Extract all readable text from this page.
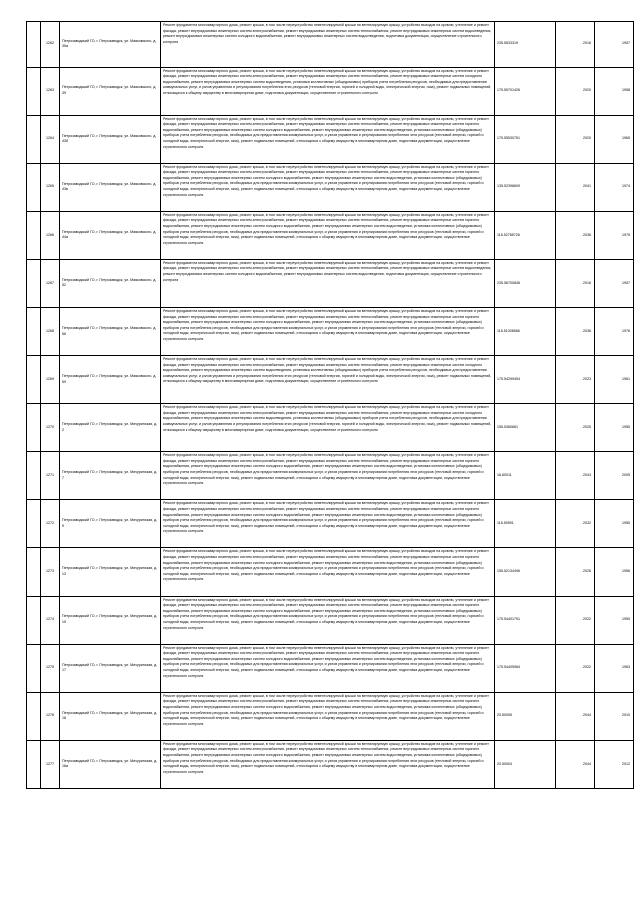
	1262	Петрозаводский ГО, г. Петрозаводск, ул. Маяковского, д. 35а	Ремонт фундамента многоквартирного дома, ремонт крыши, в том числе переустройство невентилируемой крыши на вентилируемую крышу, устройство выходов на кровлю, утепление и ремонт фасада, ремонт внутридомовых инженерных систем электроснабжения, ремонт внутридомовых инженерных систем теплоснабжения, ремонт внутридомовых инженерных систем водоотведения, ремонт внутридомовых инженерных систем холодного водоснабжения, ремонт внутридомовых инженерных систем водоотведения, подготовка документации, осуществление строительного контроля	235.5633319	2016	1957
	1263	Петрозаводский ГО, г. Петрозаводск, ул. Маяковского, д. 39	Ремонт фундамента многоквартирного дома, ремонт крыши, в том числе переустройство невентилируемой крыши на вентилируемую крышу, устройство выходов на кровлю, утепление и ремонт фасада, ремонт внутридомовых инженерных систем электроснабжения, ремонт внутридомовых инженерных систем теплоснабжения, ремонт внутридомовых инженерных систем холодного водоснабжения, ремонт внутридомовых инженерных систем водоотведения, установка коллективных (общедомовых) приборов учета потребления ресурсов, необходимых для предоставления коммунальных услуг, и узлов управления и регулирования потребления этих ресурсов (тепловой энергии, горячей и холодной воды, электрической энергии, газа), ремонт подвальных помещений, относящихся к общему имуществу в многоквартирном доме, подготовка документации, осуществление строительного контроля	175.55701426	2020	1958
	1264	Петрозаводский ГО, г. Петрозаводск, ул. Маяковского, д. 43б	Ремонт фундамента многоквартирного дома, ремонт крыши, в том числе переустройство невентилируемой крыши на вентилируемую крышу, устройство выходов на кровлю, утепление и ремонт фасада, ремонт внутридомовых инженерных систем электроснабжения, ремонт внутридомовых инженерных систем теплоснабжения, ремонт внутридомовых инженерных систем горячего водоснабжения, ремонт внутридомовых инженерных систем холодного водоснабжения, ремонт внутридомовых инженерных систем водоотведения, установка коллективных (общедомовых) приборов учета потребления ресурсов, необходимых для предоставления коммунальных услуг, и узлов управления и регулирования потребления этих ресурсов (тепловой энергии, горячей и холодной воды, электрической энергии, газа), ремонт подвальных помещений, относящихся к общему имуществу в многоквартирном доме, подготовка документации, осуществление строительного контроля	175.55530751	2020	1965
	1265	Петрозаводский ГО, г. Петрозаводск, ул. Маяковского, д. 43в	Ремонт фундамента многоквартирного дома, ремонт крыши, в том числе переустройство невентилируемой крыши на вентилируемую крышу, устройство выходов на кровлю, утепление и ремонт фасада, ремонт внутридомовых инженерных систем электроснабжения, ремонт внутридомовых инженерных систем теплоснабжения, ремонт внутридомовых инженерных систем горячего водоснабжения, ремонт внутридомовых инженерных систем холодного водоснабжения, ремонт внутридомовых инженерных систем водоотведения, установка коллективных (общедомовых) приборов учета потребления ресурсов, необходимых для предоставления коммунальных услуг, и узлов управления и регулирования потребления этих ресурсов (тепловой энергии, горячей и холодной воды, электрической энергии, газа), ремонт подвальных помещений, относящихся к общему имуществу в многоквартирном доме, подготовка документации, осуществление строительного контроля	135.52396609	2041	1974
	1266	Петрозаводский ГО, г. Петрозаводск, ул. Маяковского, д. 44а	Ремонт фундамента многоквартирного дома, ремонт крыши, в том числе переустройство невентилируемой крыши на вентилируемую крышу, устройство выходов на кровлю, утепление и ремонт фасада, ремонт внутридомовых инженерных систем электроснабжения, ремонт внутридомовых инженерных систем теплоснабжения, ремонт внутридомовых инженерных систем горячего водоснабжения, ремонт внутридомовых инженерных систем холодного водоснабжения, ремонт внутридомовых инженерных систем водоотведения, установка коллективных (общедомовых) приборов учета потребления ресурсов, необходимых для предоставления коммунальных услуг, и узлов управления и регулирования потребления этих ресурсов (тепловой энергии, горячей и холодной воды, электрической энергии, газа), ремонт подвальных помещений, относящихся к общему имуществу в многоквартирном доме, подготовка документации, осуществление строительного контроля	115.52785726	2036	1975
	1267	Петрозаводский ГО, г. Петрозаводск, ул. Маяковского, д. 52	Ремонт фундамента многоквартирного дома, ремонт крыши, в том числе переустройство невентилируемой крыши на вентилируемую крышу, устройство выходов на кровлю, утепление и ремонт фасада, ремонт внутридомовых инженерных систем электроснабжения, ремонт внутридомовых инженерных систем теплоснабжения, ремонт внутридомовых инженерных систем водоотведения, ремонт внутридомовых инженерных систем холодного водоснабжения, ремонт внутридомовых инженерных систем водоотведения, подготовка документации, осуществление строительного контроля	235.56700846	2016	1957
	1268	Петрозаводский ГО, г. Петрозаводск, ул. Маяковского, д. 56	Ремонт фундамента многоквартирного дома, ремонт крыши, в том числе переустройство невентилируемой крыши на вентилируемую крышу, устройство выходов на кровлю, утепление и ремонт фасада, ремонт внутридомовых инженерных систем электроснабжения, ремонт внутридомовых инженерных систем теплоснабжения, ремонт внутридомовых инженерных систем горячего водоснабжения, ремонт внутридомовых инженерных систем холодного водоснабжения, ремонт внутридомовых инженерных систем водоотведения, установка коллективных (общедомовых) приборов учета потребления ресурсов, необходимых для предоставления коммунальных услуг, и узлов управления и регулирования потребления этих ресурсов (тепловой энергии, горячей и холодной воды, электрической энергии, газа), ремонт подвальных помещений, относящихся к общему имуществу в многоквартирном доме, подготовка документации, осуществление строительного контроля	115.51008566	2036	1976
	1269	Петрозаводский ГО, г. Петрозаводск, ул. Маяковского, д. 59	Ремонт фундамента многоквартирного дома, ремонт крыши, в том числе переустройство невентилируемой крыши на вентилируемую крышу, устройство выходов на кровлю, утепление и ремонт фасада, ремонт внутридомовых инженерных систем электроснабжения, ремонт внутридомовых инженерных систем теплоснабжения, ремонт внутридомовых инженерных систем холодного водоснабжения, ремонт внутридомовых инженерных систем водоотведения, установка коллективных (общедомовых) приборов учета потребления ресурсов, необходимых для предоставления коммунальных услуг, и узлов управления и регулирования потребления этих ресурсов (тепловой энергии, горячей и холодной воды, электрической энергии, газа), ремонт подвальных помещений, относящихся к общему имуществу в многоквартирном доме, подготовка документации, осуществление строительного контроля	175.54299454	2023	1961
	1270	Петрозаводский ГО, г. Петрозаводск, ул. Мичуринская, д. 2	Ремонт фундамента многоквартирного дома, ремонт крыши, в том числе переустройство невентилируемой крыши на вентилируемую крышу, устройство выходов на кровлю, утепление и ремонт фасада, ремонт внутридомовых инженерных систем электроснабжения, ремонт внутридомовых инженерных систем теплоснабжения, ремонт внутридомовых инженерных систем холодного водоснабжения, ремонт внутридомовых инженерных систем водоотведения, установка коллективных (общедомовых) приборов учета потребления ресурсов, необходимых для предоставления коммунальных услуг, и узлов управления и регулирования потребления этих ресурсов (тепловой энергии, горячей и холодной воды, электрической энергии, газа), ремонт подвальных помещений, относящихся к общему имуществу в многоквартирном доме, подготовка документации, осуществление строительного контроля	155.5360661	2025	1955
	1271	Петрозаводский ГО, г. Петрозаводск, ул. Мичуринская, д. 7	Ремонт фундамента многоквартирного дома, ремонт крыши, в том числе переустройство невентилируемой крыши на вентилируемую крышу, устройство выходов на кровлю, утепление и ремонт фасада, ремонт внутридомовых инженерных систем электроснабжения, ремонт внутридомовых инженерных систем теплоснабжения, ремонт внутридомовых инженерных систем горячего водоснабжения, ремонт внутридомовых инженерных систем холодного водоснабжения, ремонт внутридомовых инженерных систем водоотведения, установка коллективных (общедомовых) приборов учета потребления ресурсов, необходимых для предоставления коммунальных услуг, и узлов управления и регулирования потребления этих ресурсов (тепловой энергии, горячей и холодной воды, электрической энергии, газа), ремонт подвальных помещений, относящихся к общему имуществу в многоквартирном доме, подготовка документации, осуществление строительного контроля	16.60011	2043	2005
	1272	Петрозаводский ГО, г. Петрозаводск, ул. Мичуринская, д. 9	Ремонт фундамента многоквартирного дома, ремонт крыши, в том числе переустройство невентилируемой крыши на вентилируемую крышу, устройство выходов на кровлю, утепление и ремонт фасада, ремонт внутридомовых инженерных систем электроснабжения, ремонт внутридомовых инженерных систем теплоснабжения, ремонт внутридомовых инженерных систем горячего водоснабжения, ремонт внутридомовых инженерных систем холодного водоснабжения, ремонт внутридомовых инженерных систем водоотведения, установка коллективных (общедомовых) приборов учета потребления ресурсов, необходимых для предоставления коммунальных услуг, и узлов управления и регулирования потребления этих ресурсов (тепловой энергии, горячей и холодной воды, электрической энергии, газа), ремонт подвальных помещений, относящихся к общему имуществу в многоквартирном доме, подготовка документации, осуществление строительного контроля	115.50591	2032	1955
	1273	Петрозаводский ГО, г. Петрозаводск, ул. Мичуринская, д. 13	Ремонт фундамента многоквартирного дома, ремонт крыши, в том числе переустройство невентилируемой крыши на вентилируемую крышу, устройство выходов на кровлю, утепление и ремонт фасада, ремонт внутридомовых инженерных систем электроснабжения, ремонт внутридомовых инженерных систем теплоснабжения, ремонт внутридомовых инженерных систем горячего водоснабжения, ремонт внутридомовых инженерных систем холодного водоснабжения, ремонт внутридомовых инженерных систем водоотведения, установка коллективных (общедомовых) приборов учета потребления ресурсов, необходимых для предоставления коммунальных услуг, и узлов управления и регулирования потребления этих ресурсов (тепловой энергии, горячей и холодной воды, электрической энергии, газа), ремонт подвальных помещений, относящихся к общему имуществу в многоквартирном доме, подготовка документации, осуществление строительного контроля	155.52134496	2026	1956
	1274	Петрозаводский ГО, г. Петрозаводск, ул. Мичуринская, д. 15	Ремонт фундамента многоквартирного дома, ремонт крыши, в том числе переустройство невентилируемой крыши на вентилируемую крышу, устройство выходов на кровлю, утепление и ремонт фасада, ремонт внутридомовых инженерных систем электроснабжения, ремонт внутридомовых инженерных систем теплоснабжения, ремонт внутридомовых инженерных систем горячего водоснабжения, ремонт внутридомовых инженерных систем холодного водоснабжения, ремонт внутридомовых инженерных систем водоотведения, установка коллективных (общедомовых) приборов учета потребления ресурсов, необходимых для предоставления коммунальных услуг, и узлов управления и регулирования потребления этих ресурсов (тепловой энергии, горячей и холодной воды, электрической энергии, газа), ремонт подвальных помещений, относящихся к общему имуществу в многоквартирном доме, подготовка документации, осуществление строительного контроля	175.54401791	2022	1959
	1275	Петрозаводский ГО, г. Петрозаводск, ул. Мичуринская, д. 17	Ремонт фундамента многоквартирного дома, ремонт крыши, в том числе переустройство невентилируемой крыши на вентилируемую крышу, устройство выходов на кровлю, утепление и ремонт фасада, ремонт внутридомовых инженерных систем электроснабжения, ремонт внутридомовых инженерных систем теплоснабжения, ремонт внутридомовых инженерных систем горячего водоснабжения, ремонт внутридомовых инженерных систем холодного водоснабжения, ремонт внутридомовых инженерных систем водоотведения, установка коллективных (общедомовых) приборов учета потребления ресурсов, необходимых для предоставления коммунальных услуг, и узлов управления и регулирования потребления этих ресурсов (тепловой энергии, горячей и холодной воды, электрической энергии, газа), ремонт подвальных помещений, относящихся к общему имуществу в многоквартирном доме, подготовка документации, осуществление строительного контроля	175.54405984	2022	1963
	1276	Петрозаводский ГО, г. Петрозаводск, ул. Мичуринская, д. 18	Ремонт фундамента многоквартирного дома, ремонт крыши, в том числе переустройство невентилируемой крыши на вентилируемую крышу, устройство выходов на кровлю, утепление и ремонт фасада, ремонт внутридомовых инженерных систем электроснабжения, ремонт внутридомовых инженерных систем теплоснабжения, ремонт внутридомовых инженерных систем горячего водоснабжения, ремонт внутридомовых инженерных систем холодного водоснабжения, ремонт внутридомовых инженерных систем водоотведения, установка коллективных (общедомовых) приборов учета потребления ресурсов, необходимых для предоставления коммунальных услуг, и узлов управления и регулирования потребления этих ресурсов (тепловой энергии, горячей и холодной воды, электрической энергии, газа), ремонт подвальных помещений, относящихся к общему имуществу в многоквартирном доме, подготовка документации, осуществление строительного контроля	20.50005	2044	2010
	1277	Петрозаводский ГО, г. Петрозаводск, ул. Мичуринская, д. 18а	Ремонт фундамента многоквартирного дома, ремонт крыши, в том числе переустройство невентилируемой крыши на вентилируемую крышу, устройство выходов на кровлю, утепление и ремонт фасада, ремонт внутридомовых инженерных систем электроснабжения, ремонт внутридомовых инженерных систем теплоснабжения, ремонт внутридомовых инженерных систем горячего водоснабжения, ремонт внутридомовых инженерных систем холодного водоснабжения, ремонт внутридомовых инженерных систем водоотведения, установка коллективных (общедомовых) приборов учета потребления ресурсов, необходимых для предоставления коммунальных услуг, и узлов управления и регулирования потребления этих ресурсов (тепловой энергии, горячей и холодной воды, электрической энергии, газа), ремонт подвальных помещений, относящихся к общему имуществу в многоквартирном доме, подготовка документации, осуществление строительного контроля	20.50004	2044	2012
